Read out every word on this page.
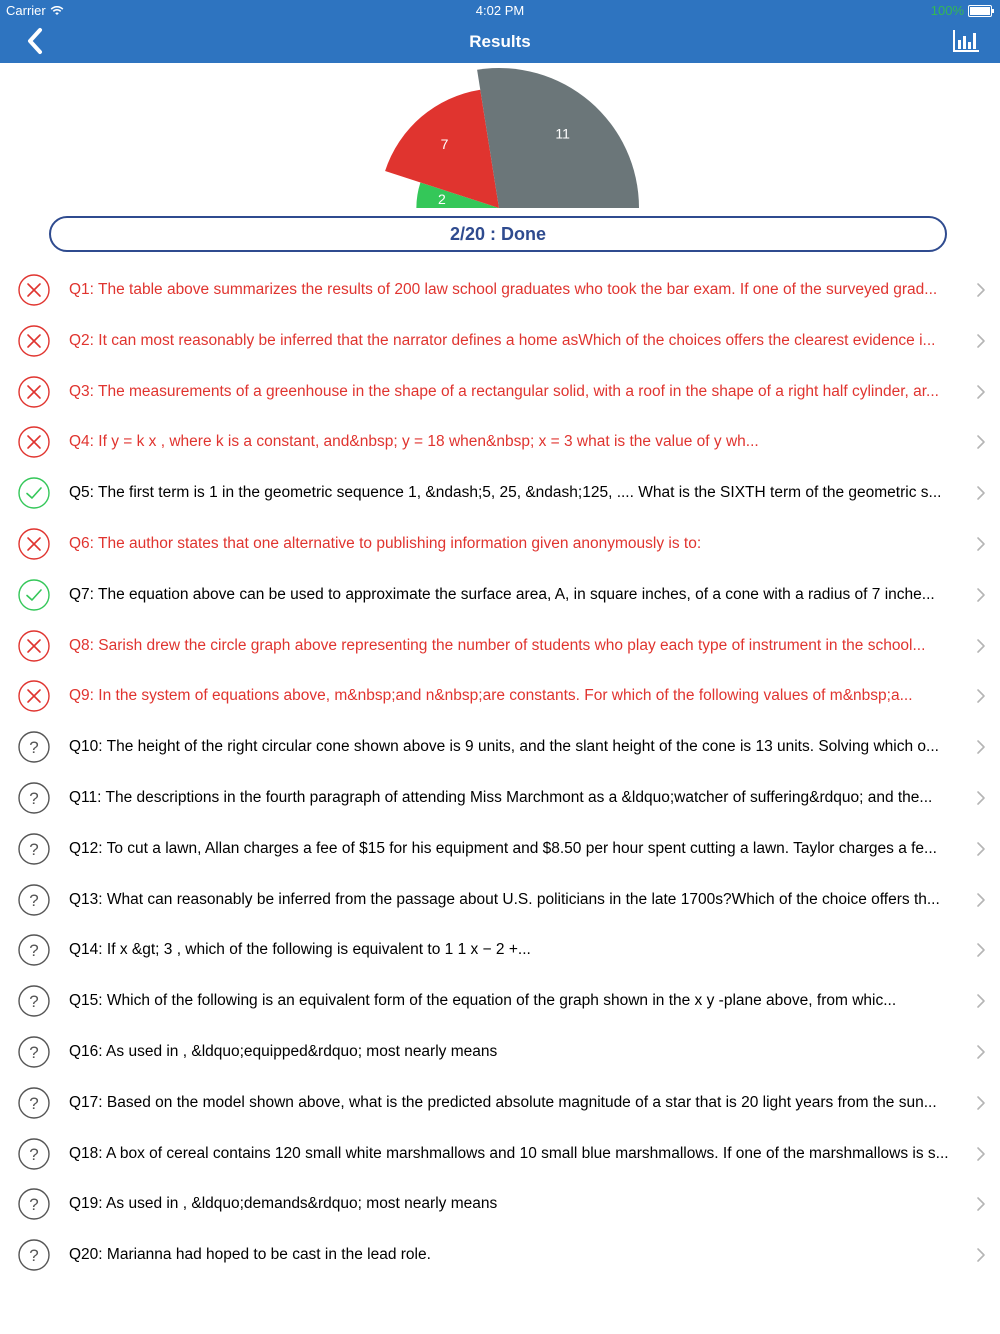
Carrier	4:02 PM	100%
Results
2
7
11
2/20 : Done
Q1: The table above summarizes the results of 200 law school graduates who took the bar exam. If one of the surveyed grad...
Q2: It can most reasonably be inferred that the narrator defines a home asWhich of the choices offers the clearest evidence i...
Q3: The measurements of a greenhouse in the shape of a rectangular solid, with a roof in the shape of a right half cylinder, ar...
Q4: If y = k x , where k is a constant, and&nbsp; y = 18 when&nbsp; x = 3 what is the value of y wh...
Q5: The first term is 1 in the geometric sequence 1, &ndash;5, 25, &ndash;125, .... What is the SIXTH term of the geometric s...
Q6: The author states that one alternative to publishing information given anonymously is to:
Q7: The equation above can be used to approximate the surface area, A, in square inches, of a cone with a radius of 7 inche...
Q8: Sarish drew the circle graph above representing the number of students who play each type of instrument in the school...
Q9: In the system of equations above, m&nbsp;and n&nbsp;are constants. For which of the following values of m&nbsp;a...
? Q10: The height of the right circular cone shown above is 9 units, and the slant height of the cone is 13 units. Solving which o...
? Q11: The descriptions in the fourth paragraph of attending Miss Marchmont as a &ldquo;watcher of suffering&rdquo; and the...
? Q12: To cut a lawn, Allan charges a fee of $15 for his equipment and $8.50 per hour spent cutting a lawn. Taylor charges a fe...
? Q13: What can reasonably be inferred from the passage about U.S. politicians in the late 1700s?Which of the choice offers th...
? Q14: If x &gt; 3 , which of the following is equivalent to 1 1 x − 2 +...
? Q15: Which of the following is an equivalent form of the equation of the graph shown in the x y -plane above, from whic...
? Q16: As used in , &ldquo;equipped&rdquo; most nearly means
? Q17: Based on the model shown above, what is the predicted absolute magnitude of a star that is 20 light years from the sun...
? Q18: A box of cereal contains 120 small white marshmallows and 10 small blue marshmallows. If one of the marshmallows is s...
? Q19: As used in , &ldquo;demands&rdquo; most nearly means
? Q20: Marianna had hoped to be cast in the lead role.
